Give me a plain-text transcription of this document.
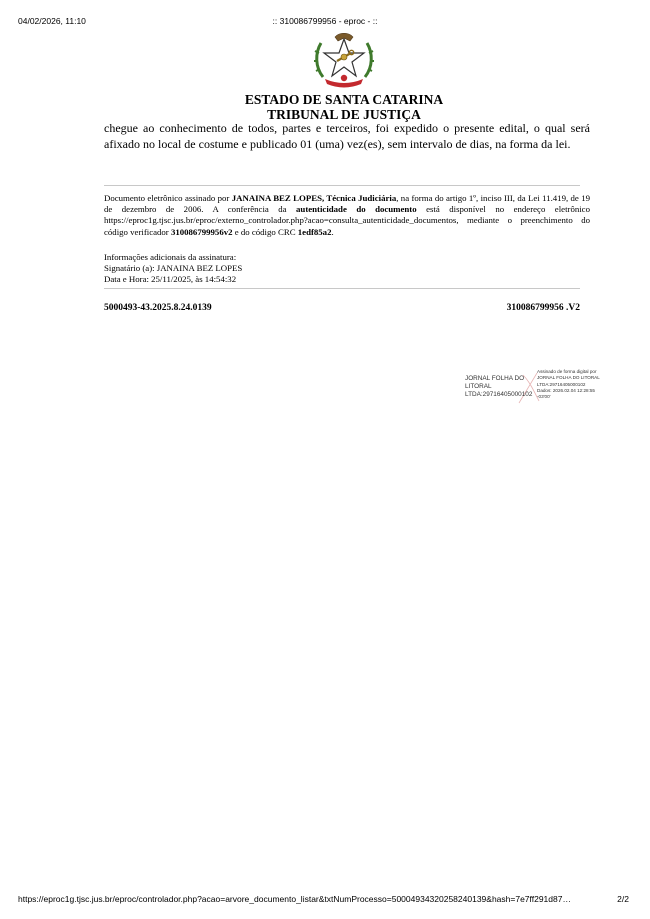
04/02/2026, 11:10	:: 310086799956 - eproc - ::
ESTADO DE SANTA CATARINA
TRIBUNAL DE JUSTIÇA
chegue ao conhecimento de todos, partes e terceiros, foi expedido o presente edital, o qual será afixado no local de costume e publicado 01 (uma) vez(es), sem intervalo de dias, na forma da lei.
Documento eletrônico assinado por JANAINA BEZ LOPES, Técnica Judiciária, na forma do artigo 1º, inciso III, da Lei 11.419, de 19 de dezembro de 2006. A conferência da autenticidade do documento está disponível no endereço eletrônico https://eproc1g.tjsc.jus.br/eproc/externo_controlador.php?acao=consulta_autenticidade_documentos, mediante o preenchimento do código verificador 310086799956v2 e do código CRC 1edf85a2.
Informações adicionais da assinatura:
Signatário (a): JANAINA BEZ LOPES
Data e Hora: 25/11/2025, às 14:54:32
5000493-43.2025.8.24.0139	310086799956 .V2
JORNAL FOLHA DO
LITORAL
LTDA:29716405000102
Assinado de forma digital por
JORNAL FOLHA DO LITORAL
LTDA:29716405000102
Dados: 2026.02.04 12:28:55
-03'00'
https://eproc1g.tjsc.jus.br/eproc/controlador.php?acao=arvore_documento_listar&txtNumProcesso=50004934320258240139&hash=7e7ff291d87…	2/2
